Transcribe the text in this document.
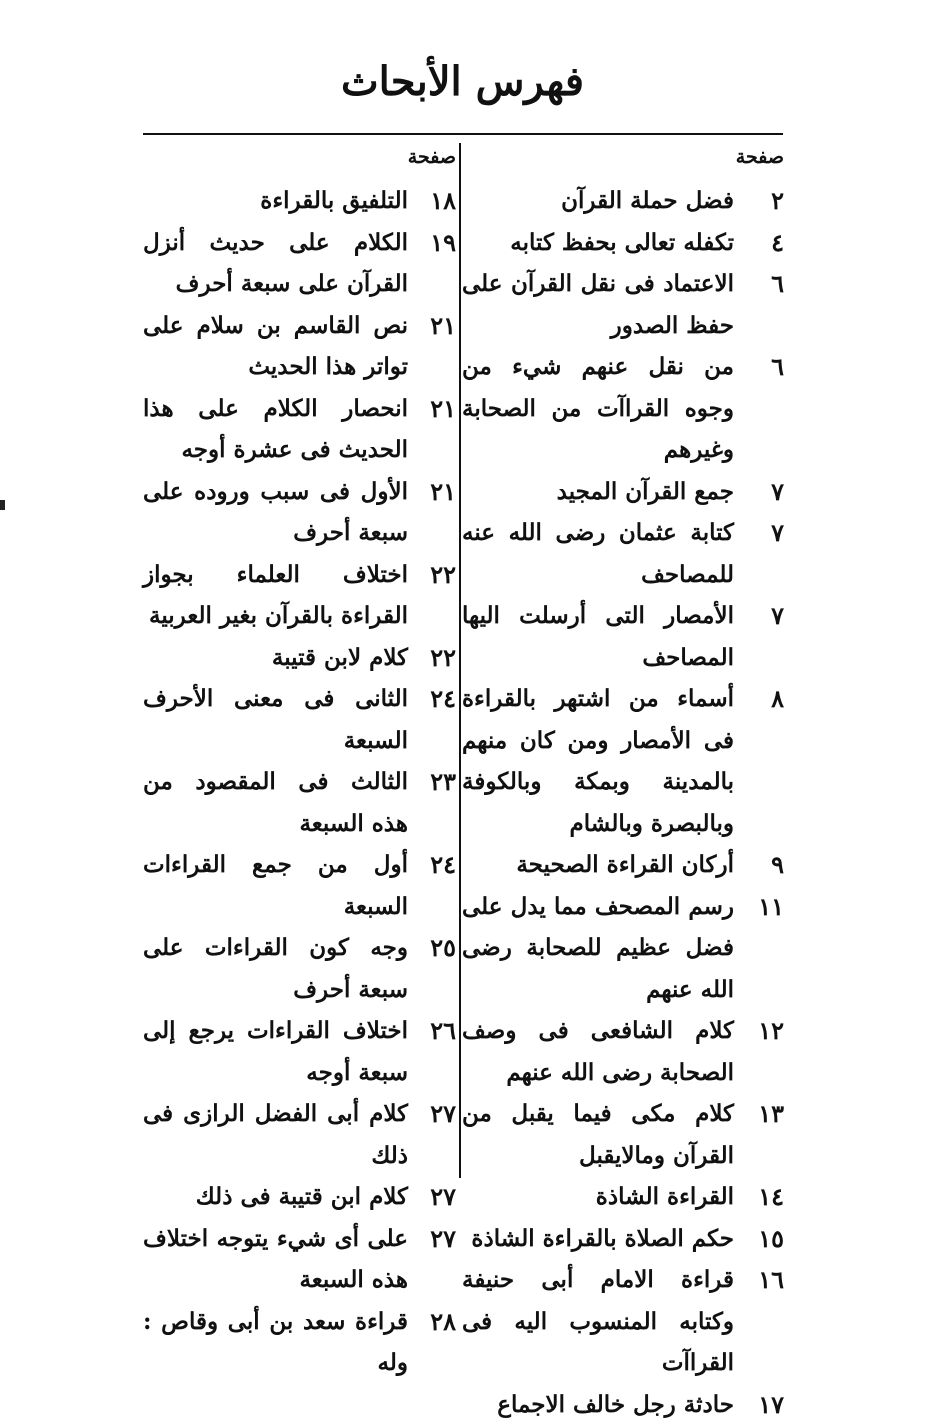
فهرس الأبحاث
صفحة
٢
فضل حملة القرآن
٤
تكفله تعالى بحفظ كتابه
٦
الاعتماد فى نقل القرآن على حفظ الصدور
٦
من نقل عنهم شيء من وجوه القراآت من الصحابة وغيرهم
٧
جمع القرآن المجيد
٧
كتابة عثمان رضى الله عنه للمصاحف
٧
الأمصار التى أرسلت اليها المصاحف
٨
أسماء من اشتهر بالقراءة فى الأمصار ومن كان منهم بالمدينة وبمكة وبالكوفة وبالبصرة وبالشام
٩
أركان القراءة الصحيحة
١١
رسم المصحف مما يدل على فضل عظيم للصحابة رضى الله عنهم
١٢
كلام الشافعى فى وصف الصحابة رضى الله عنهم
١٣
كلام مكى فيما يقبل من القرآن ومالايقبل
١٤
القراءة الشاذة
١٥
حكم الصلاة بالقراءة الشاذة
١٦
قراءة الامام أبى حنيفة وكتابه المنسوب اليه فى القراآت
١٧
حادثة رجل خالف الاجماع
صفحة
١٨
التلفيق بالقراءة
١٩
الكلام على حديث أنزل القرآن على سبعة أحرف
٢١
نص القاسم بن سلام على تواتر هذا الحديث
٢١
انحصار الكلام على هذا الحديث فى عشرة أوجه
٢١
الأول فى سبب وروده على سبعة أحرف
٢٢
اختلاف العلماء بجواز القراءة بالقرآن بغير العربية
٢٢
كلام لابن قتيبة
٢٤
الثانى فى معنى الأحرف السبعة
٢٣
الثالث فى المقصود من هذه السبعة
٢٤
أول من جمع القراءات السبعة
٢٥
وجه كون القراءات على سبعة أحرف
٢٦
اختلاف القراءات يرجع إلى سبعة أوجه
٢٧
كلام أبى الفضل الرازى فى ذلك
٢٧
كلام ابن قتيبة فى ذلك
٢٧
على أى شيء يتوجه اختلاف هذه السبعة
٢٨
قراءة سعد بن أبى وقاص : وله
